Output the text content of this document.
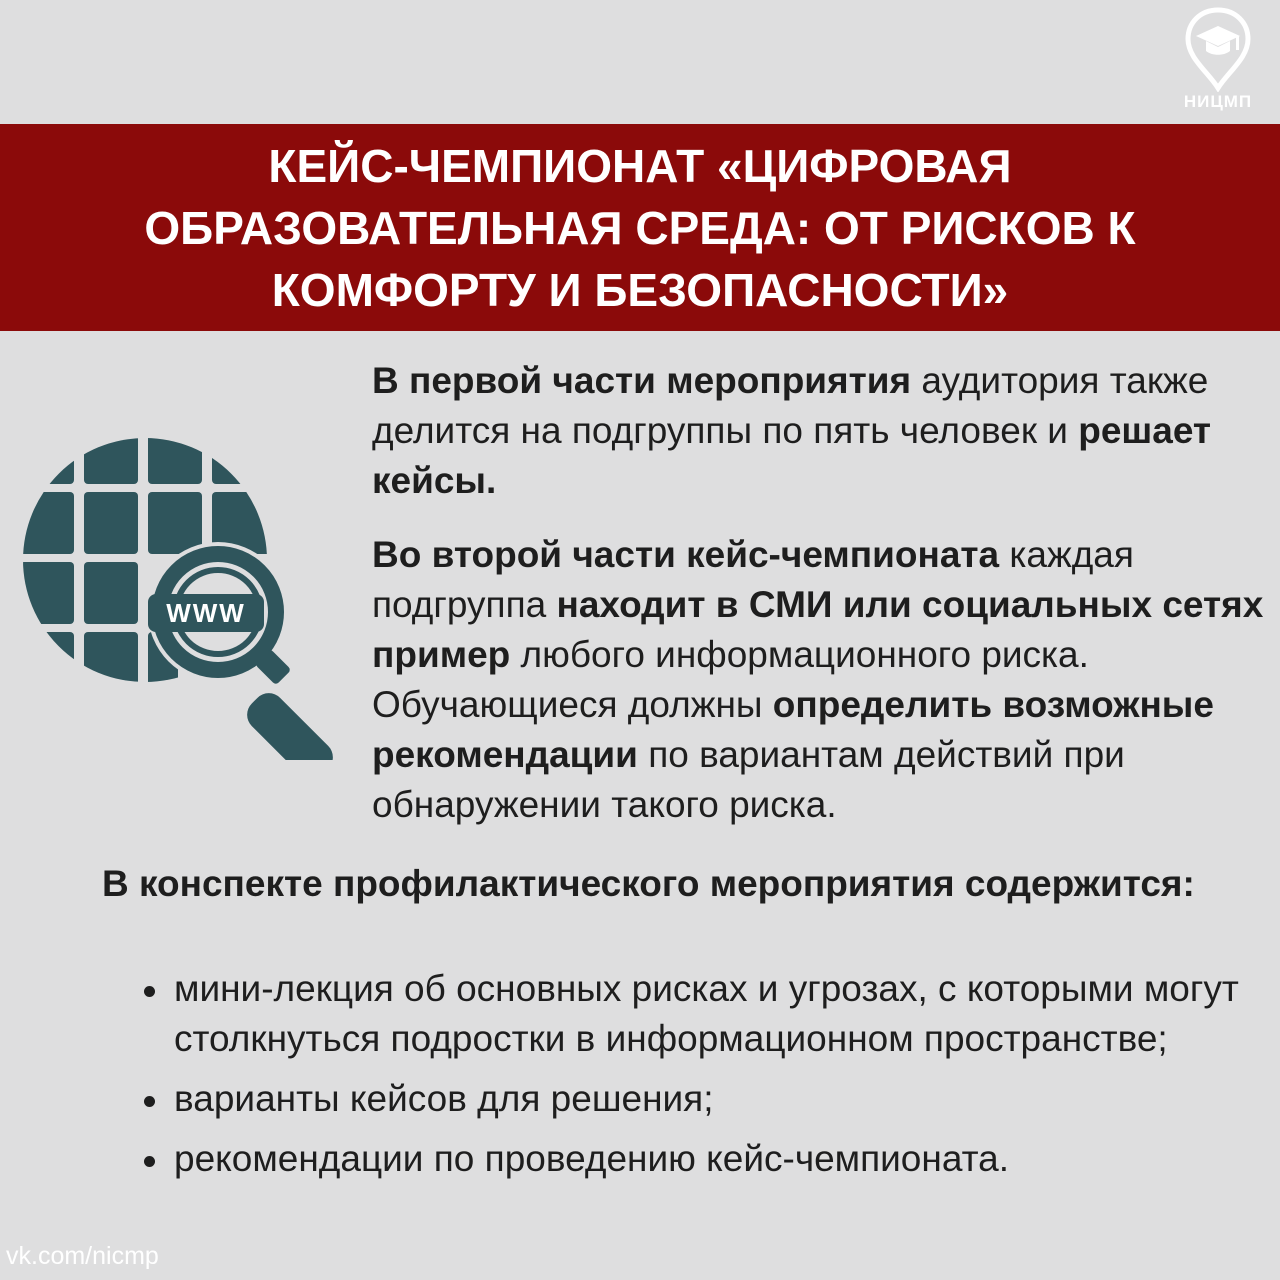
НИЦМП
КЕЙС-ЧЕМПИОНАТ «ЦИФРОВАЯ ОБРАЗОВАТЕЛЬНАЯ СРЕДА: ОТ РИСКОВ К КОМФОРТУ И БЕЗОПАСНОСТИ»
WWW

В первой части мероприятия аудитория также делится на подгруппы по пять человек и решает кейсы.

Во второй части кейс-чемпионата каждая подгруппа находит в СМИ или социальных сетях пример любого информационного риска. Обучающиеся должны определить возможные рекомендации по вариантам действий при обнаружении такого риска.

В конспекте профилактического мероприятия содержится:
мини-лекция об основных рисках и угрозах, с которыми могут столкнуться подростки в информационном пространстве;
варианты кейсов для решения;
рекомендации по проведению кейс-чемпионата.
vk.com/nicmp
